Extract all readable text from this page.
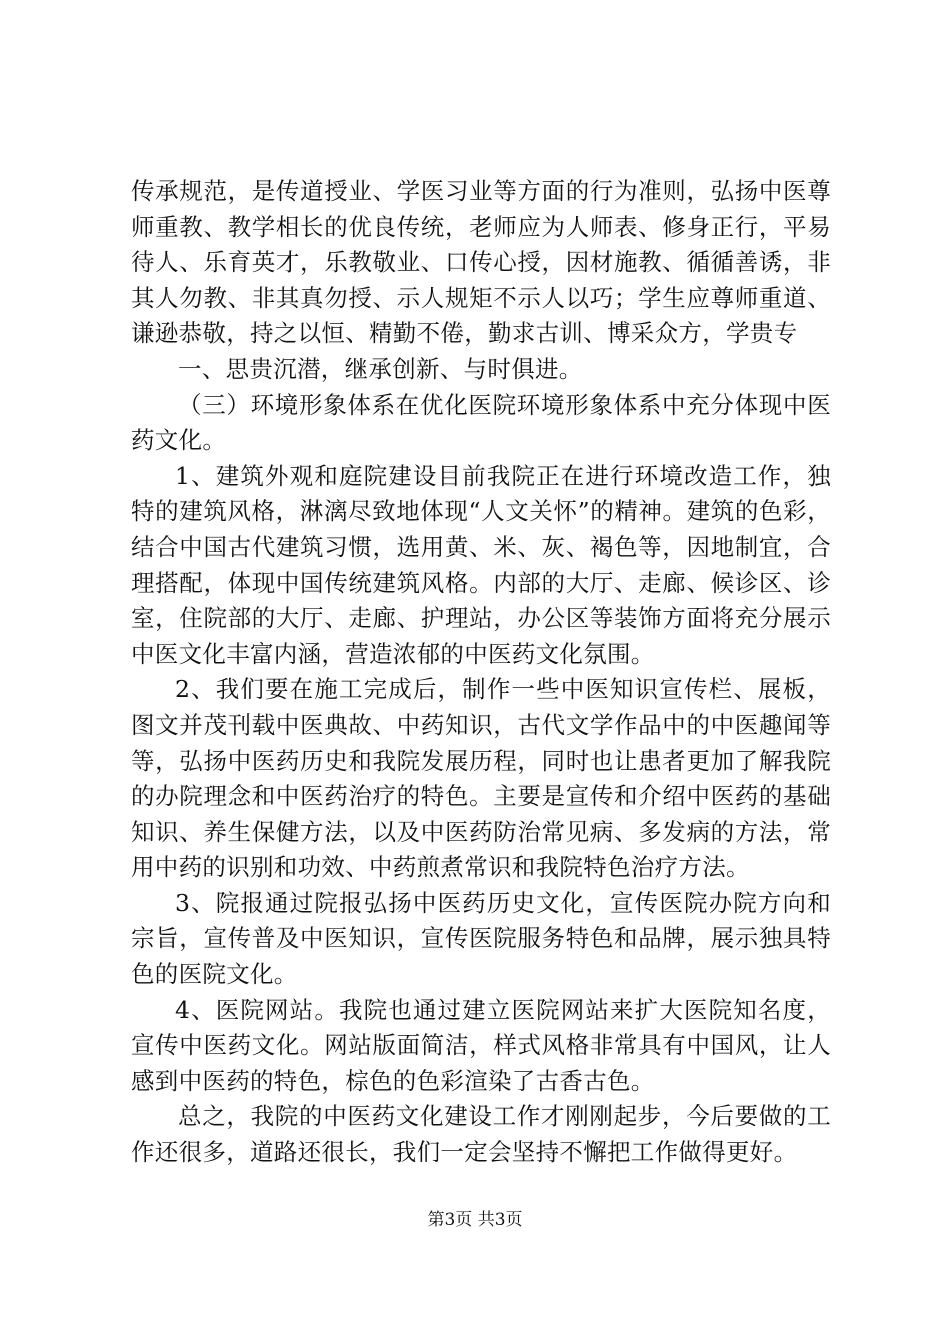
传承规范，是传道授业、学医习业等方面的行为准则，弘扬中医尊师重教、教学相长的优良传统，老师应为人师表、修身正行，平易待人、乐育英才，乐教敬业、口传心授，因材施教、循循善诱，非其人勿教、非其真勿授、示人规矩不示人以巧；学生应尊师重道、谦逊恭敬，持之以恒、精勤不倦，勤求古训、博采众方，学贵专

一、思贵沉潜，继承创新、与时俱进。

（三）环境形象体系在优化医院环境形象体系中充分体现中医药文化。

1、建筑外观和庭院建设目前我院正在进行环境改造工作，独特的建筑风格，淋漓尽致地体现“人文关怀”的精神。建筑的色彩，结合中国古代建筑习惯，选用黄、米、灰、褐色等，因地制宜，合理搭配，体现中国传统建筑风格。内部的大厅、走廊、候诊区、诊室，住院部的大厅、走廊、护理站，办公区等装饰方面将充分展示中医文化丰富内涵，营造浓郁的中医药文化氛围。

2、我们要在施工完成后，制作一些中医知识宣传栏、展板，图文并茂刊载中医典故、中药知识，古代文学作品中的中医趣闻等等，弘扬中医药历史和我院发展历程，同时也让患者更加了解我院的办院理念和中医药治疗的特色。主要是宣传和介绍中医药的基础知识、养生保健方法，以及中医药防治常见病、多发病的方法，常用中药的识别和功效、中药煎煮常识和我院特色治疗方法。

3、院报通过院报弘扬中医药历史文化，宣传医院办院方向和宗旨，宣传普及中医知识，宣传医院服务特色和品牌，展示独具特色的医院文化。

4、医院网站。我院也通过建立医院网站来扩大医院知名度，宣传中医药文化。网站版面简洁，样式风格非常具有中国风，让人感到中医药的特色，棕色的色彩渲染了古香古色。

总之，我院的中医药文化建设工作才刚刚起步，今后要做的工作还很多，道路还很长，我们一定会坚持不懈把工作做得更好。

第3页 共3页
